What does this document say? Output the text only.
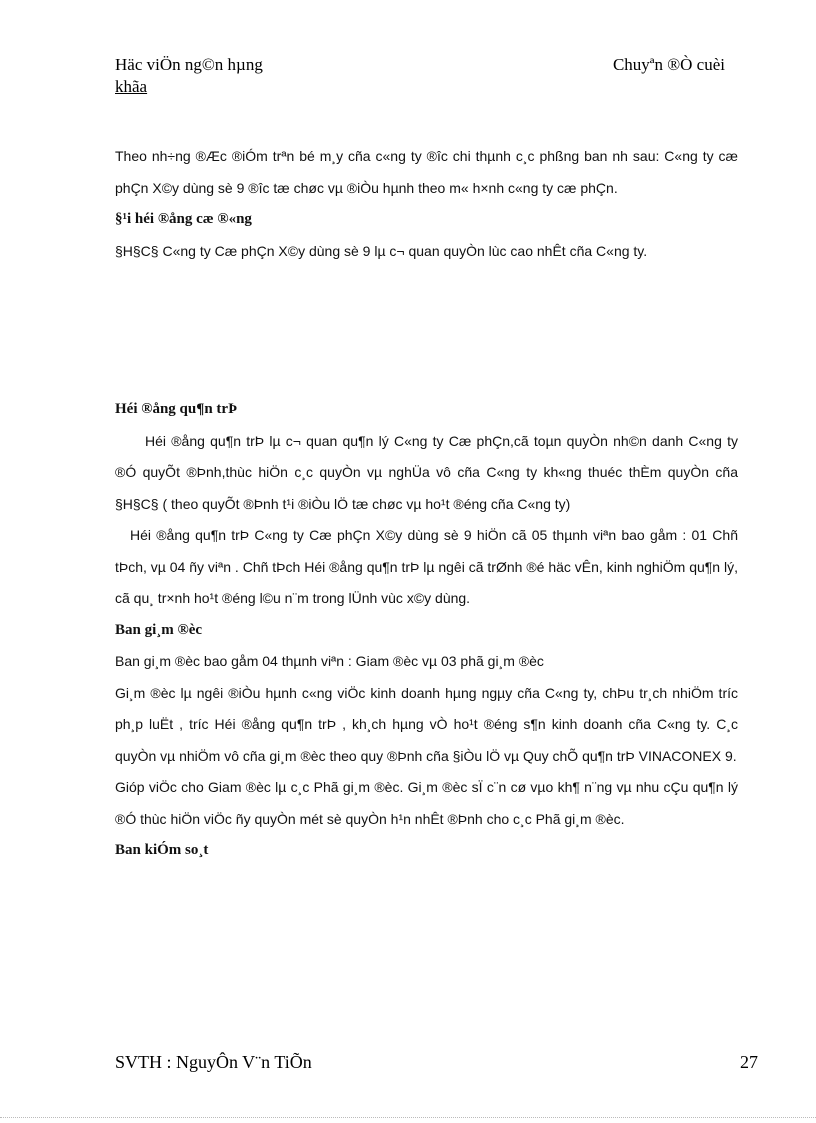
Häc viÖn ng©n hµng	Chuyªn ®Ò cuèi
khãa

Theo nh÷ng ®Æc ®iÓm trªn bé m¸y cña c«ng ty ®îc chi thµnh c¸c phßng ban nh sau: C«ng ty cæ phÇn X©y dùng sè 9 ®îc tæ chøc vµ ®iÒu hµnh theo m« h×nh c«ng ty cæ phÇn.

§¹i héi ®ång cæ ®«ng

§H§C§ C«ng ty Cæ phÇn X©y dùng sè 9 lµ c¬ quan quyÒn lùc cao nhÊt cña C«ng ty.

Héi ®ång qu¶n trÞ

Héi ®ång qu¶n trÞ lµ c¬ quan qu¶n lý C«ng ty Cæ phÇn,cã toµn quyÒn nh©n danh C«ng ty ®Ó quyÕt ®Þnh,thùc hiÖn c¸c quyÒn vµ nghÜa vô cña C«ng ty kh«ng thuéc thÈm quyÒn cña §H§C§ ( theo quyÕt ®Þnh t¹i ®iÒu lÖ tæ chøc vµ ho¹t ®éng cña C«ng ty)

Héi ®ång qu¶n trÞ C«ng ty Cæ phÇn X©y dùng sè 9 hiÖn cã 05 thµnh viªn bao gåm : 01 Chñ tÞch, vµ 04 ñy viªn . Chñ tÞch Héi ®ång qu¶n trÞ lµ ngêi cã trØnh ®é häc vÊn, kinh nghiÖm qu¶n lý, cã qu¸ tr×nh ho¹t ®éng l©u n¨m trong lÜnh vùc x©y dùng.

Ban gi¸m ®èc

Ban gi¸m ®èc bao gåm 04 thµnh viªn : Giam ®èc vµ 03 phã gi¸m ®èc

Gi¸m ®èc lµ ngêi ®iÒu hµnh c«ng viÖc kinh doanh hµng ngµy cña C«ng ty, chÞu tr¸ch nhiÖm tríc ph¸p luËt , tríc Héi ®ång qu¶n trÞ , kh¸ch hµng vÒ ho¹t ®éng s¶n kinh doanh cña C«ng ty. C¸c quyÒn vµ nhiÖm vô cña gi¸m ®èc theo quy ®Þnh cña §iÒu lÖ vµ Quy chÕ qu¶n trÞ VINACONEX 9.

Gióp viÖc cho Giam ®èc lµ c¸c Phã gi¸m ®èc. Gi¸m ®èc sÏ c¨n cø vµo kh¶ n¨ng vµ nhu cÇu qu¶n lý ®Ó thùc hiÖn viÖc ñy quyÒn mét sè quyÒn h¹n nhÊt ®Þnh cho c¸c Phã gi¸m ®èc.

Ban kiÓm so¸t

SVTH : NguyÔn V¨n TiÕn	27
